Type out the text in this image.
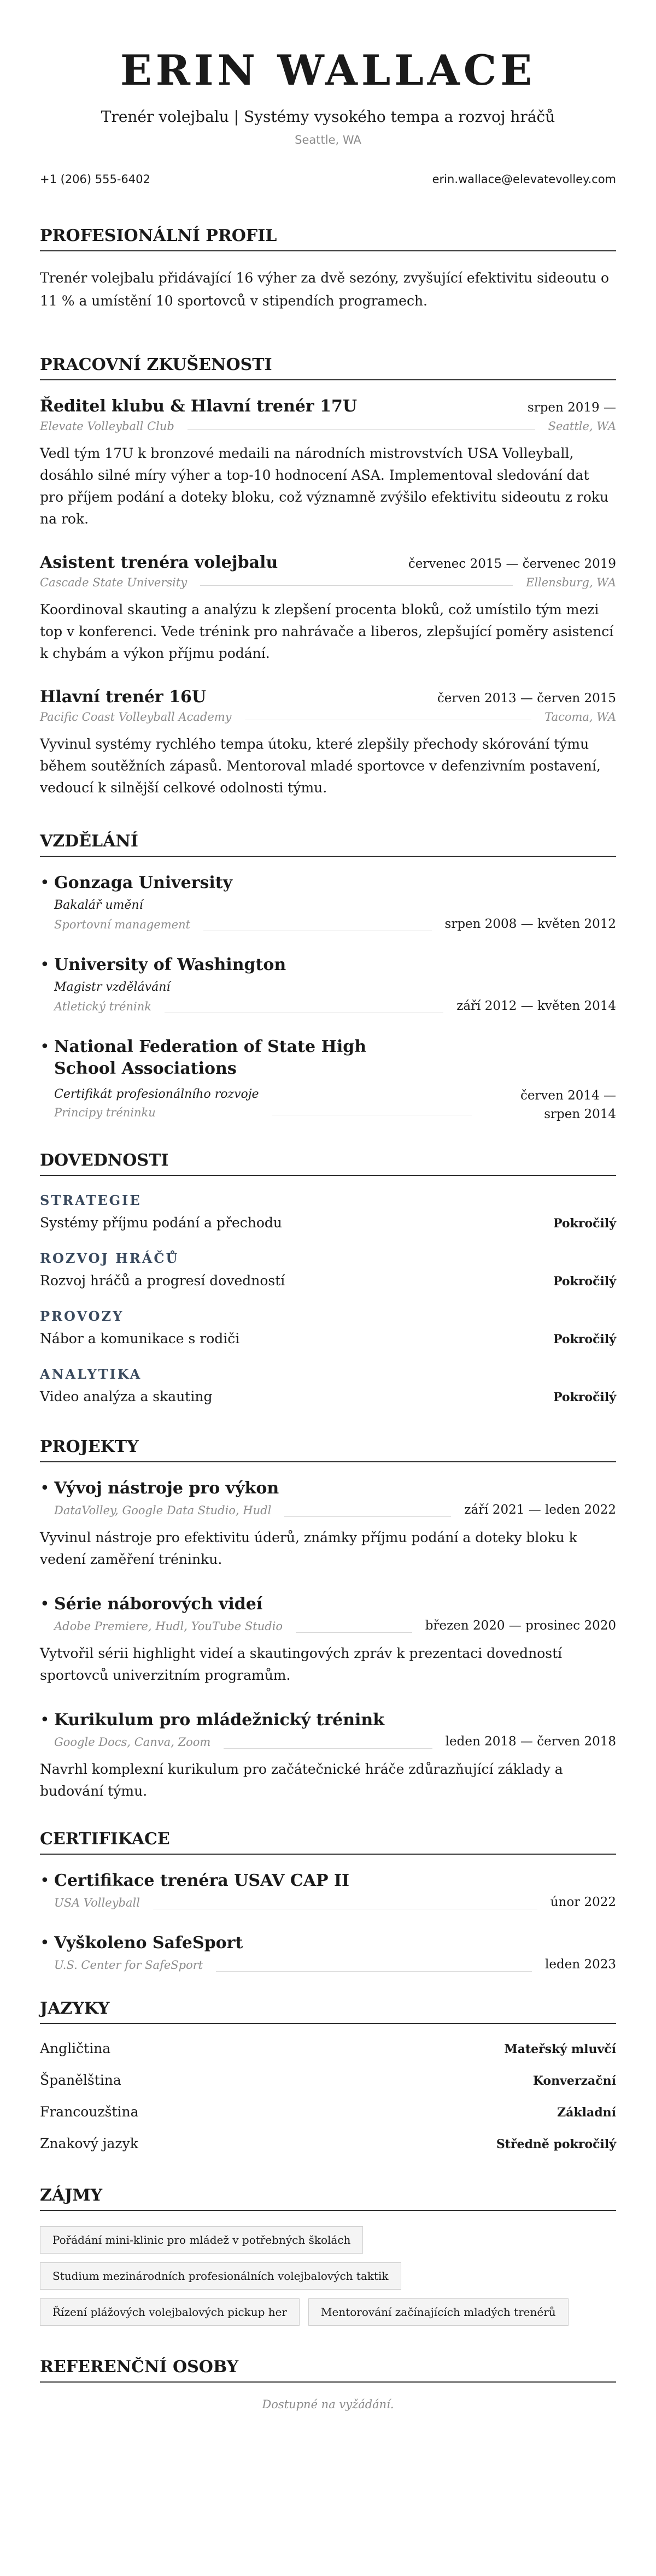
ERIN WALLACE
Trenér volejbalu | Systémy vysokého tempa a rozvoj hráčů
Seattle, WA
+1 (206) 555-6402	erin.wallace@elevatevolley.com
PROFESIONÁLNÍ PROFIL
Trenér volejbalu přidávající 16 výher za dvě sezóny, zvyšující efektivitu sideoutu o 11 % a umístění 10 sportovců v stipendích programech.
PRACOVNÍ ZKUŠENOSTI
Ředitel klubu & Hlavní trenér 17U	srpen 2019 —
Elevate Volleyball Club	Seattle, WA
Vedl tým 17U k bronzové medaili na národních mistrovstvích USA Volleyball, dosáhlo silné míry výher a top-10 hodnocení ASA. Implementoval sledování dat pro příjem podání a doteky bloku, což významně zvýšilo efektivitu sideoutu z roku na rok.
Asistent trenéra volejbalu	červenec 2015 — červenec 2019
Cascade State University	Ellensburg, WA
Koordinoval skauting a analýzu k zlepšení procenta bloků, což umístilo tým mezi top v konferenci. Vede trénink pro nahrávače a liberos, zlepšující poměry asistencí k chybám a výkon příjmu podání.
Hlavní trenér 16U	červen 2013 — červen 2015
Pacific Coast Volleyball Academy	Tacoma, WA
Vyvinul systémy rychlého tempa útoku, které zlepšily přechody skórování týmu během soutěžních zápasů. Mentoroval mladé sportovce v defenzivním postavení, vedoucí k silnější celkové odolnosti týmu.
VZDĚLÁNÍ
• Gonzaga University
Bakalář umění
Sportovní management	srpen 2008 — květen 2012
• University of Washington
Magistr vzdělávání
Atletický trénink	září 2012 — květen 2014
• National Federation of State High School Associations
Certifikát profesionálního rozvoje
Principy tréninku
červen 2014 — srpen 2014
DOVEDNOSTI
STRATEGIE
Systémy příjmu podání a přechodu	Pokročilý
ROZVOJ HRÁČŮ
Rozvoj hráčů a progresí dovedností	Pokročilý
PROVOZY
Nábor a komunikace s rodiči	Pokročilý
ANALYTIKA
Video analýza a skauting	Pokročilý
PROJEKTY
• Vývoj nástroje pro výkon
DataVolley, Google Data Studio, Hudl	září 2021 — leden 2022
Vyvinul nástroje pro efektivitu úderů, známky příjmu podání a doteky bloku k vedení zaměření tréninku.
• Série náborových videí
Adobe Premiere, Hudl, YouTube Studio	březen 2020 — prosinec 2020
Vytvořil sérii highlight videí a skautingových zpráv k prezentaci dovedností sportovců univerzitním programům.
• Kurikulum pro mládežnický trénink
Google Docs, Canva, Zoom	leden 2018 — červen 2018
Navrhl komplexní kurikulum pro začátečnické hráče zdůrazňující základy a budování týmu.
CERTIFIKACE
• Certifikace trenéra USAV CAP II
USA Volleyball	únor 2022
• Vyškoleno SafeSport
U.S. Center for SafeSport	leden 2023
JAZYKY
Angličtina	Mateřský mluvčí
Španělština	Konverzační
Francouzština	Základní
Znakový jazyk	Středně pokročilý
ZÁJMY
Pořádání mini-klinic pro mládež v potřebných školách
Studium mezinárodních profesionálních volejbalových taktik
Řízení plážových volejbalových pickup her	Mentorování začínajících mladých trenérů
REFERENČNÍ OSOBY
Dostupné na vyžádání.
